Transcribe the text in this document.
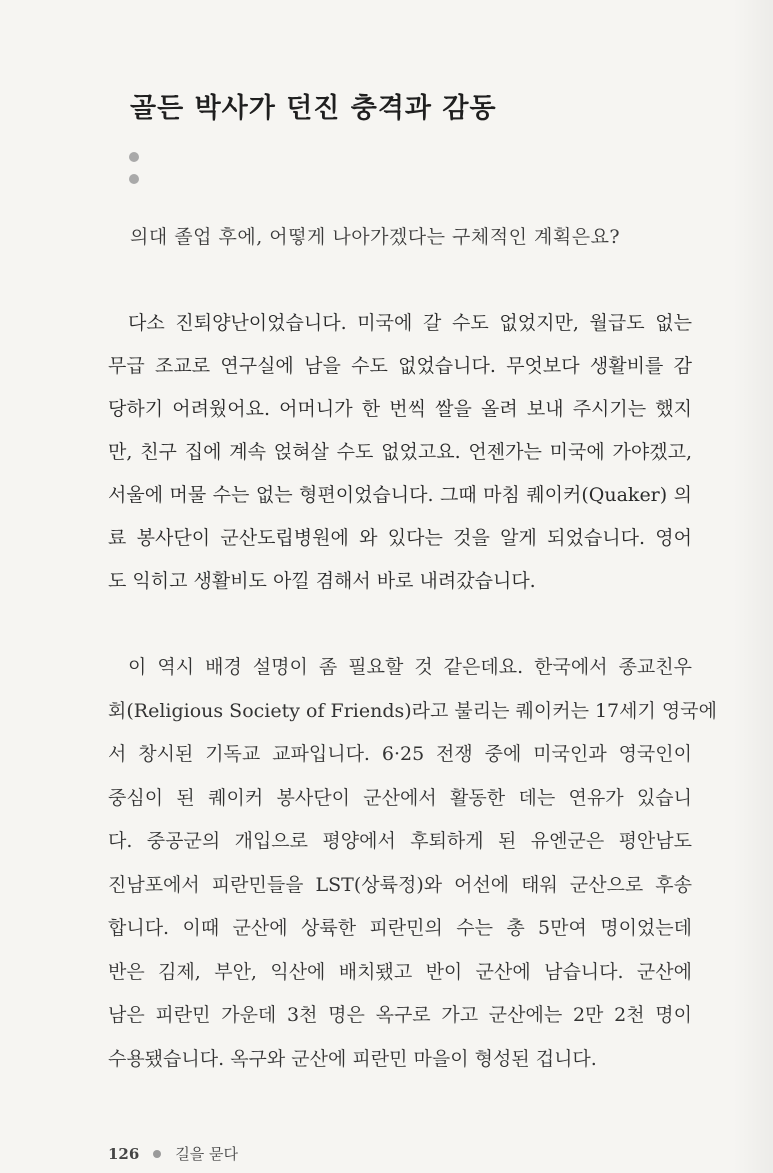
골든 박사가 던진 충격과 감동
의대 졸업 후에, 어떻게 나아가겠다는 구체적인 계획은요?
다소 진퇴양난이었습니다. 미국에 갈 수도 없었지만, 월급도 없는
무급 조교로 연구실에 남을 수도 없었습니다. 무엇보다 생활비를 감
당하기 어려웠어요. 어머니가 한 번씩 쌀을 올려 보내 주시기는 했지
만, 친구 집에 계속 얹혀살 수도 없었고요. 언젠가는 미국에 가야겠고,
서울에 머물 수는 없는 형편이었습니다. 그때 마침 퀘이커(Quaker) 의
료 봉사단이 군산도립병원에 와 있다는 것을 알게 되었습니다. 영어
도 익히고 생활비도 아낄 겸해서 바로 내려갔습니다.
이 역시 배경 설명이 좀 필요할 것 같은데요. 한국에서 종교친우
회(Religious Society of Friends)라고 불리는 퀘이커는 17세기 영국에
서 창시된 기독교 교파입니다. 6·25 전쟁 중에 미국인과 영국인이
중심이 된 퀘이커 봉사단이 군산에서 활동한 데는 연유가 있습니
다. 중공군의 개입으로 평양에서 후퇴하게 된 유엔군은 평안남도
진남포에서 피란민들을 LST(상륙정)와 어선에 태워 군산으로 후송
합니다. 이때 군산에 상륙한 피란민의 수는 총 5만여 명이었는데
반은 김제, 부안, 익산에 배치됐고 반이 군산에 남습니다. 군산에
남은 피란민 가운데 3천 명은 옥구로 가고 군산에는 2만 2천 명이
수용됐습니다. 옥구와 군산에 피란민 마을이 형성된 겁니다.
126 길을 묻다
